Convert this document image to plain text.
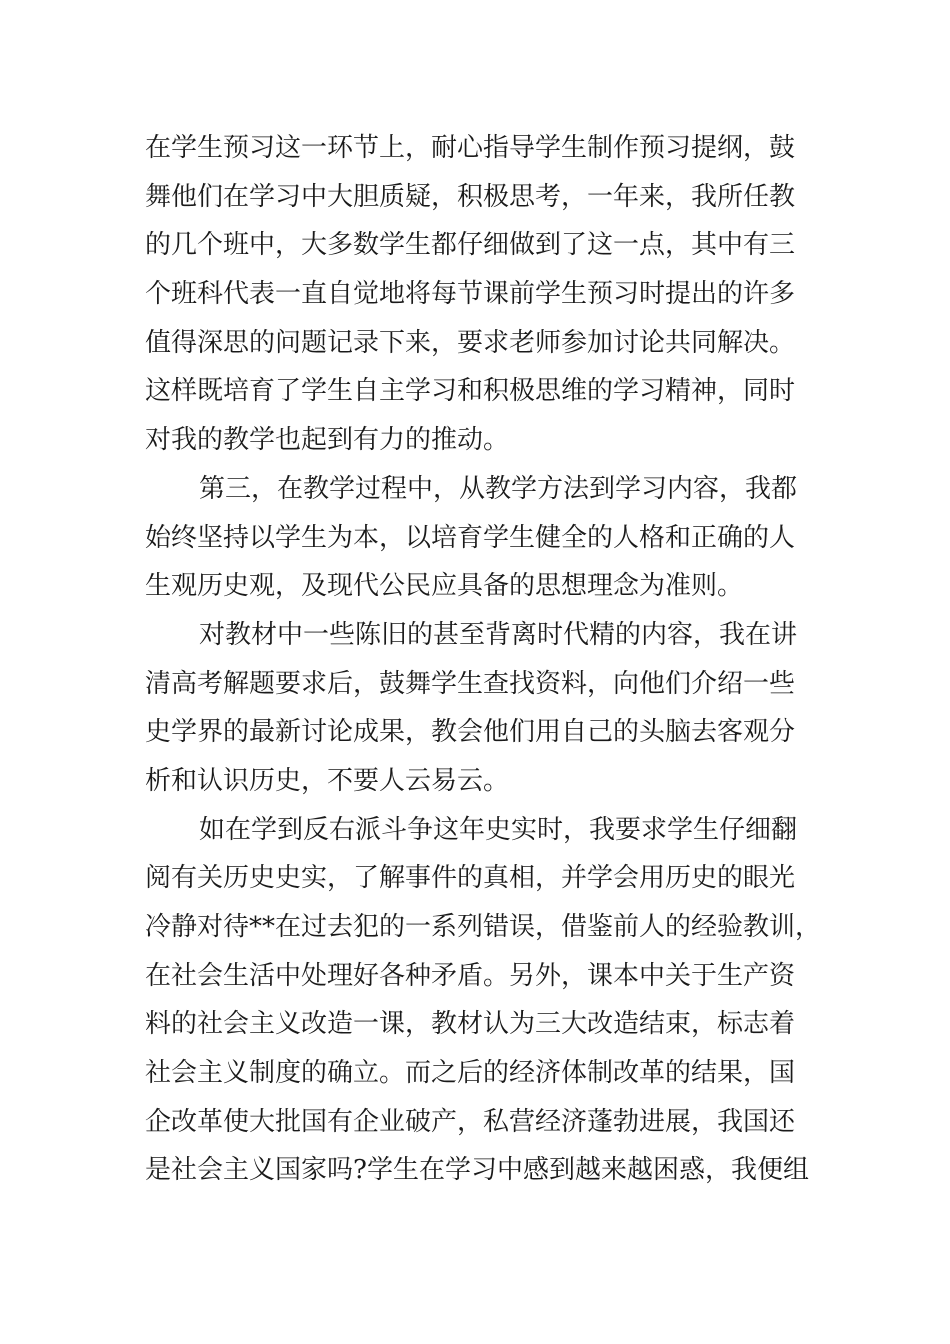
在学生预习这一环节上，耐心指导学生制作预习提纲，鼓
舞他们在学习中大胆质疑，积极思考，一年来，我所任教
的几个班中，大多数学生都仔细做到了这一点，其中有三
个班科代表一直自觉地将每节课前学生预习时提出的许多
值得深思的问题记录下来，要求老师参加讨论共同解决。
这样既培育了学生自主学习和积极思维的学习精神，同时
对我的教学也起到有力的推动。
第三，在教学过程中，从教学方法到学习内容，我都
始终坚持以学生为本，以培育学生健全的人格和正确的人
生观历史观，及现代公民应具备的思想理念为准则。
对教材中一些陈旧的甚至背离时代精的内容，我在讲
清高考解题要求后，鼓舞学生查找资料，向他们介绍一些
史学界的最新讨论成果，教会他们用自己的头脑去客观分
析和认识历史，不要人云易云。
如在学到反右派斗争这年史实时，我要求学生仔细翻
阅有关历史史实，了解事件的真相，并学会用历史的眼光
冷静对待**在过去犯的一系列错误，借鉴前人的经验教训，
在社会生活中处理好各种矛盾。另外，课本中关于生产资
料的社会主义改造一课，教材认为三大改造结束，标志着
社会主义制度的确立。而之后的经济体制改革的结果，国
企改革使大批国有企业破产，私营经济蓬勃进展，我国还
是社会主义国家吗?学生在学习中感到越来越困惑，我便组
